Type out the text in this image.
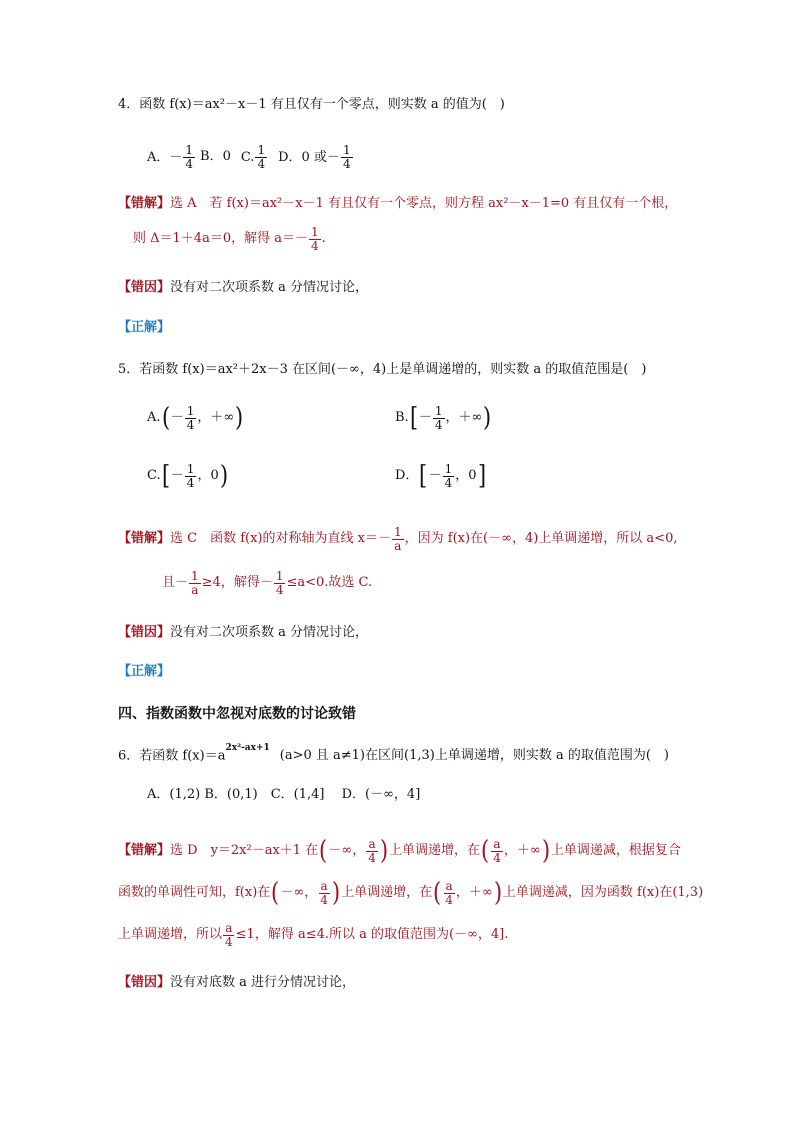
4．函数 f(x)＝ax²－x－1 有且仅有一个零点，则实数 a 的值为(　)
A．－ $\frac{1}{4}$ B．0 C. $\frac{1}{4}$ D．0 或－ $\frac{1}{4}$
【错解】选 A　若 f(x)＝ax²－x－1 有且仅有一个零点，则方程 ax²－x－1=0 有且仅有一个根，
则 Δ＝1＋4a＝0，解得 $a=- \frac{1}{4}$ .
【错因】没有对二次项系数 a 分情况讨论，
【正解】
5．若函数 f(x)＝ax²＋2x－3 在区间(－∞，4)上是单调递增的，则实数 a 的取值范围是(　)
A. ( － $\frac{1}{4}$ ，＋∞ )	B. [ － $\frac{1}{4}$ ，＋∞ )
C. [ － $\frac{1}{4}$ ，0 )	D． [ － $\frac{1}{4}$ ，0 ]
【错解】 选 C　函数 f(x)的对称轴为直线 $x=- \frac{1}{a}$ ，因为 f(x)在(－∞，4)上单调递增，所以 a<0,
且－ $\frac{1}{a} \ge 4$，解得－ $\frac{1}{4} \le a<0$.故选 C.
【错因】没有对二次项系数 a 分情况讨论，
【正解】
四、指数函数中忽视对底数的讨论致错
6．若函数 $f(x)=a^{2x^2-ax+1}(a>0$ 且 a≠1)在区间(1,3)上单调递增，则实数 a 的取值范围为(　)
A．(1,2) B．(0,1)　C．(1,4]　 D．(－∞，4]
【错解】 选 D　y＝2x²－ax＋1 在 ( －∞， $\frac{a}{4}$ ) 上单调递增，在 ( $\frac{a}{4}$ ，＋∞ ) 上单调递减，根据复合
函数的单调性可知，f(x)在 ( －∞， $\frac{a}{4}$ ) 上单调递增，在 ( $\frac{a}{4}$ ，＋∞ ) 上单调递减，因为函数 f(x)在(1,3)
上单调递增，所以 $\frac{a}{4} \le 1$，解得 a≤4.所以 a 的取值范围为(－∞，4].
【错因】没有对底数 a 进行分情况讨论，
